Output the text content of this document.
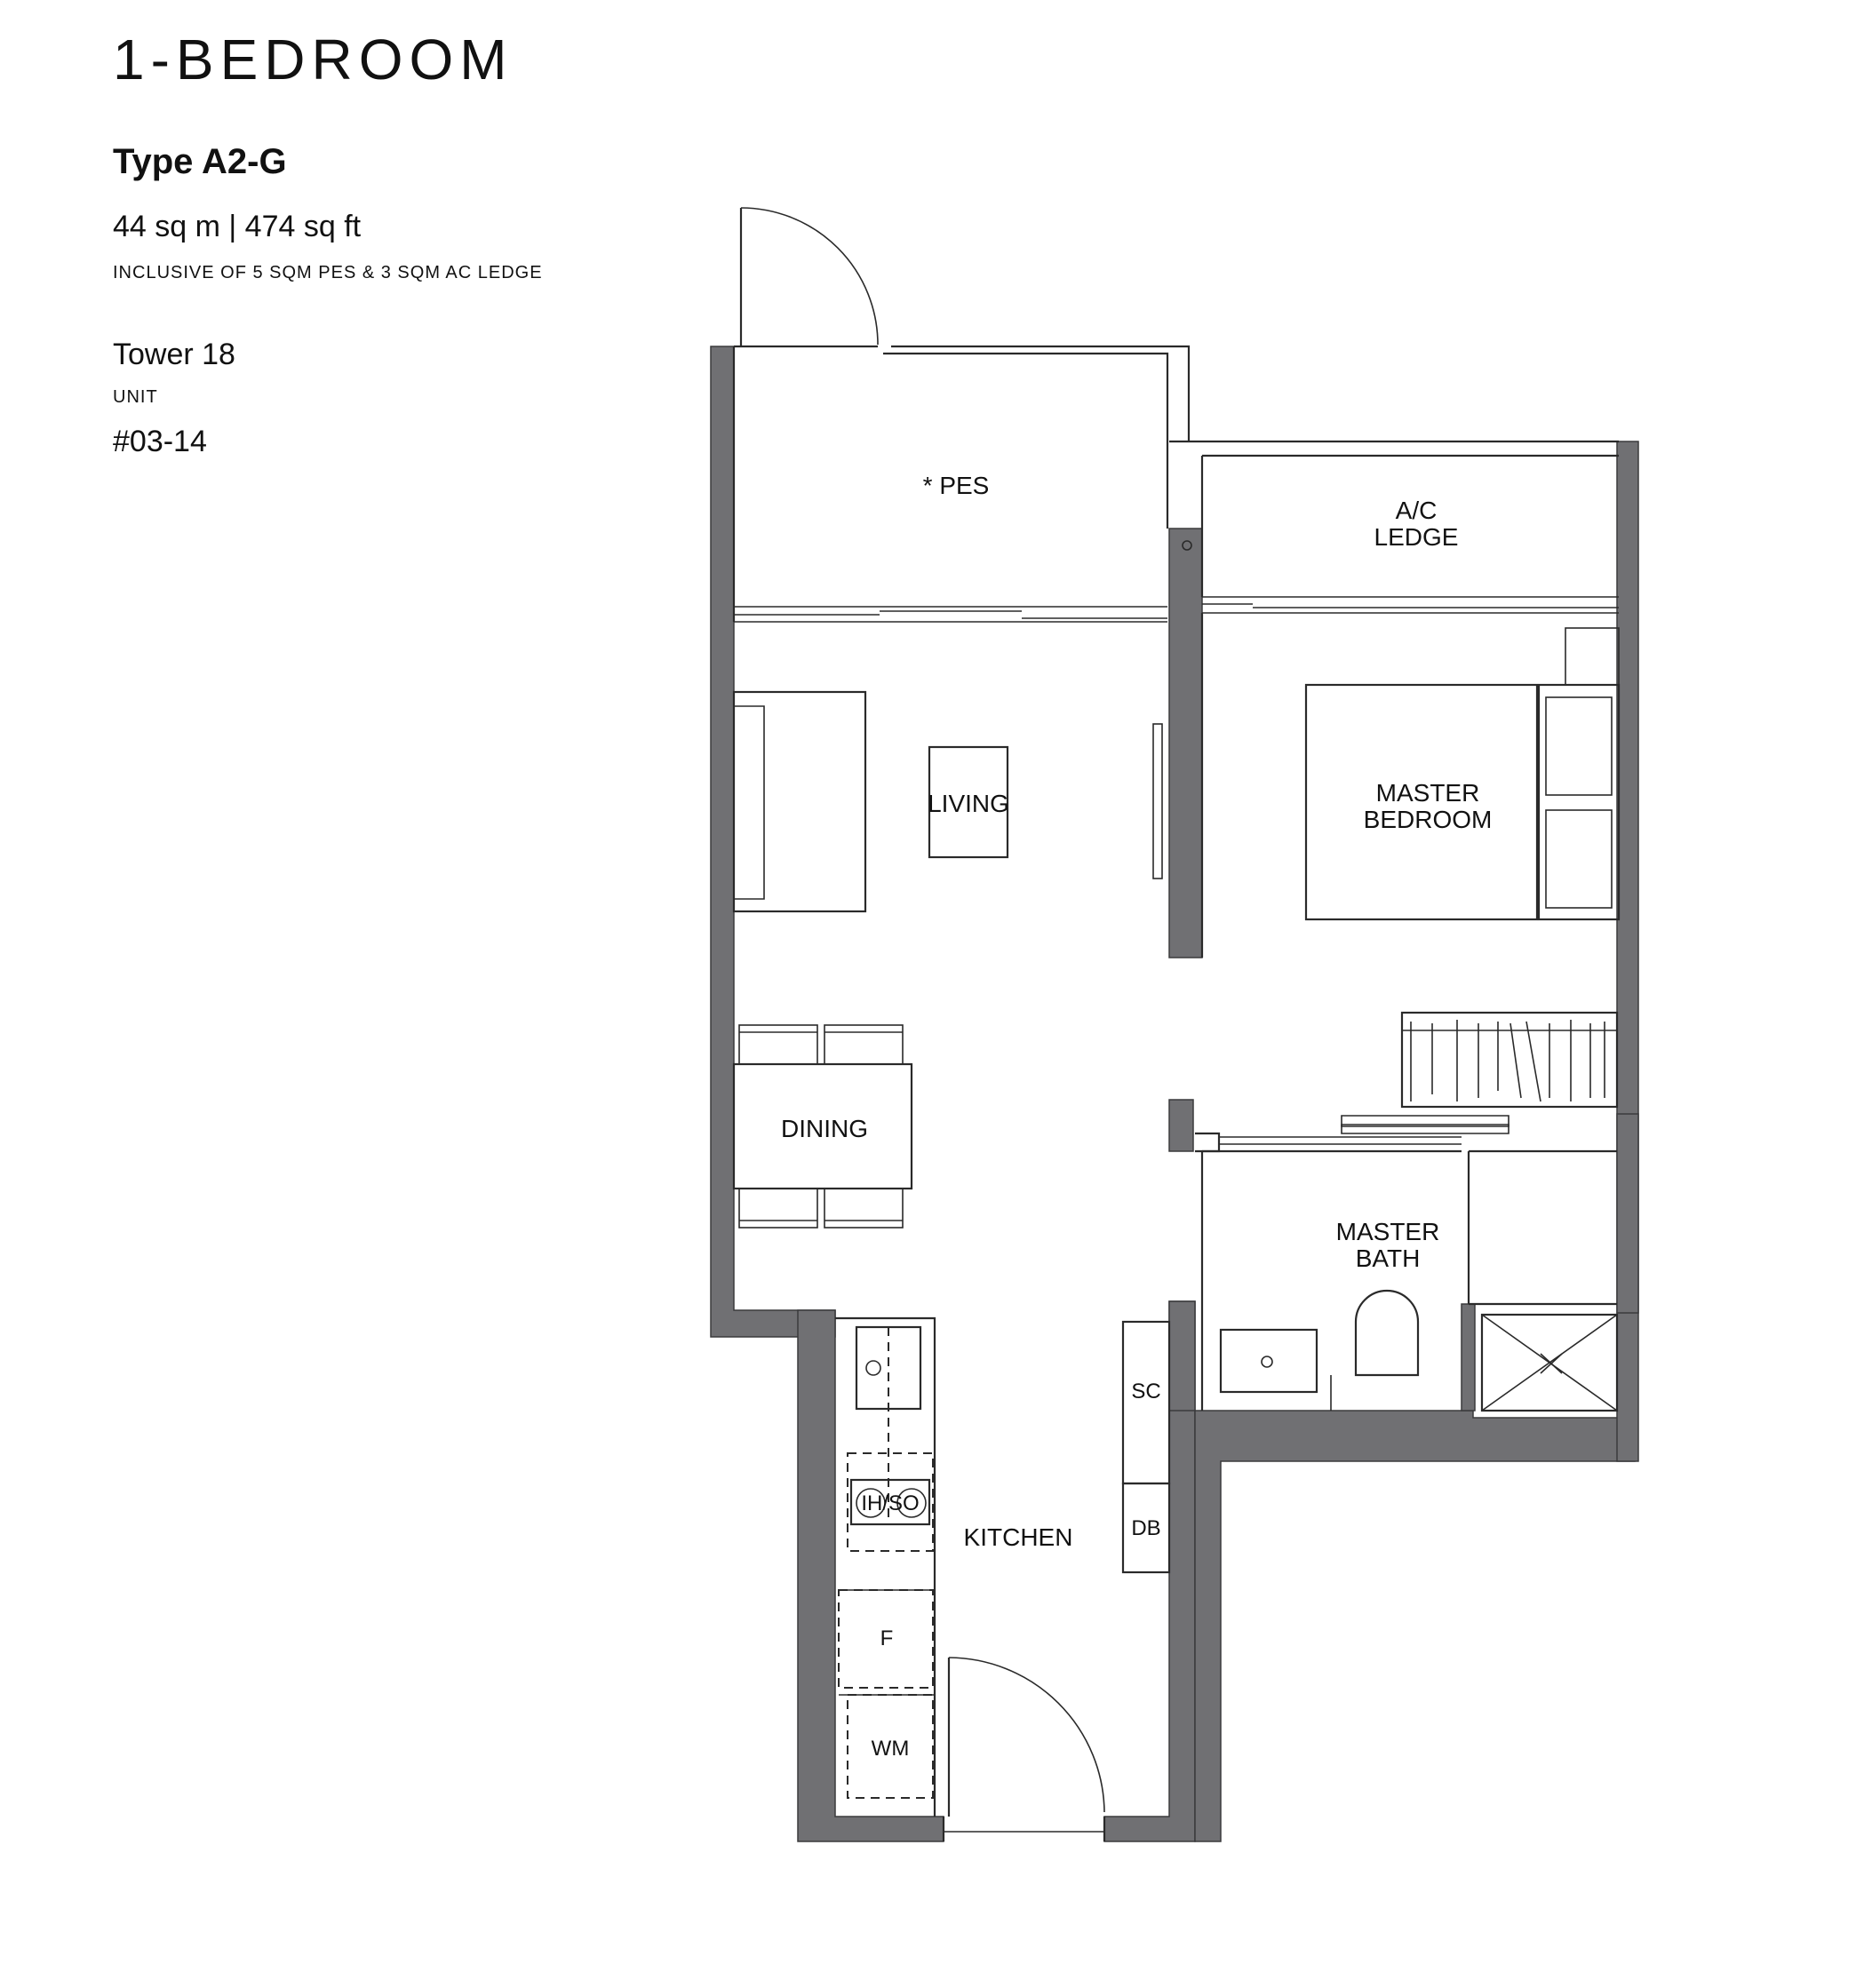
1-BEDROOM
Type A2-G
44 sq m | 474 sq ft
INCLUSIVE OF 5 SQM PES & 3 SQM AC LEDGE
Tower 18
UNIT
#03-14
* PES
A/C
LEDGE
LIVING	MASTER
BEDROOM
DINING
MASTER
BATH
KITCHEN
SC
DB
IH/SO
F
WM
